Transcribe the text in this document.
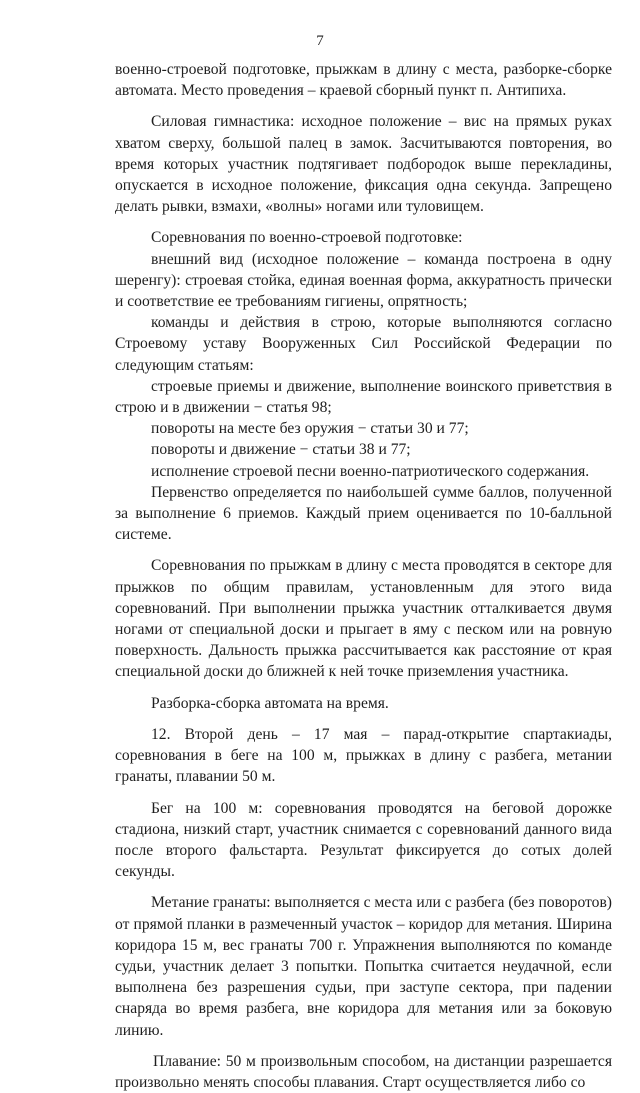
7

военно-строевой подготовке, прыжкам в длину с места, разборке-сборке автомата. Место проведения – краевой сборный пункт п. Антипиха.

Силовая гимнастика: исходное положение – вис на прямых руках хватом сверху, большой палец в замок. Засчитываются повторения, во время которых участник подтягивает подбородок выше перекладины, опускается в исходное положение, фиксация одна секунда. Запрещено делать рывки, взмахи, «волны» ногами или туловищем.

Соревнования по военно-строевой подготовке:

внешний вид (исходное положение – команда построена в одну шеренгу): строевая стойка, единая военная форма, аккуратность прически и соответствие ее требованиям гигиены, опрятность;

команды и действия в строю, которые выполняются согласно Строевому уставу Вооруженных Сил Российской Федерации по следующим статьям:

строевые приемы и движение, выполнение воинского приветствия в строю и в движении − статья 98;

повороты на месте без оружия − статьи 30 и 77;

повороты и движение − статьи 38 и 77;

исполнение строевой песни военно-патриотического содержания.

Первенство определяется по наибольшей сумме баллов, полученной за выполнение 6 приемов. Каждый прием оценивается по 10-балльной системе.

Соревнования по прыжкам в длину с места проводятся в секторе для прыжков по общим правилам, установленным для этого вида соревнований. При выполнении прыжка участник отталкивается двумя ногами от специальной доски и прыгает в яму с песком или на ровную поверхность. Дальность прыжка рассчитывается как расстояние от края специальной доски до ближней к ней точке приземления участника.

Разборка-сборка автомата на время.

12. Второй день – 17 мая – парад-открытие спартакиады, соревнования в беге на 100 м, прыжках в длину с разбега, метании гранаты, плавании 50 м.

Бег на 100 м: соревнования проводятся на беговой дорожке стадиона, низкий старт, участник снимается с соревнований данного вида после второго фальстарта. Результат фиксируется до сотых долей секунды.

Метание гранаты: выполняется с места или с разбега (без поворотов) от прямой планки в размеченный участок – коридор для метания. Ширина коридора 15 м, вес гранаты 700 г. Упражнения выполняются по команде судьи, участник делает 3 попытки. Попытка считается неудачной, если выполнена без разрешения судьи, при заступе сектора, при падении снаряда во время разбега, вне коридора для метания или за боковую линию.

Плавание: 50 м произвольным способом, на дистанции разрешается произвольно менять способы плавания. Старт осуществляется либо со
